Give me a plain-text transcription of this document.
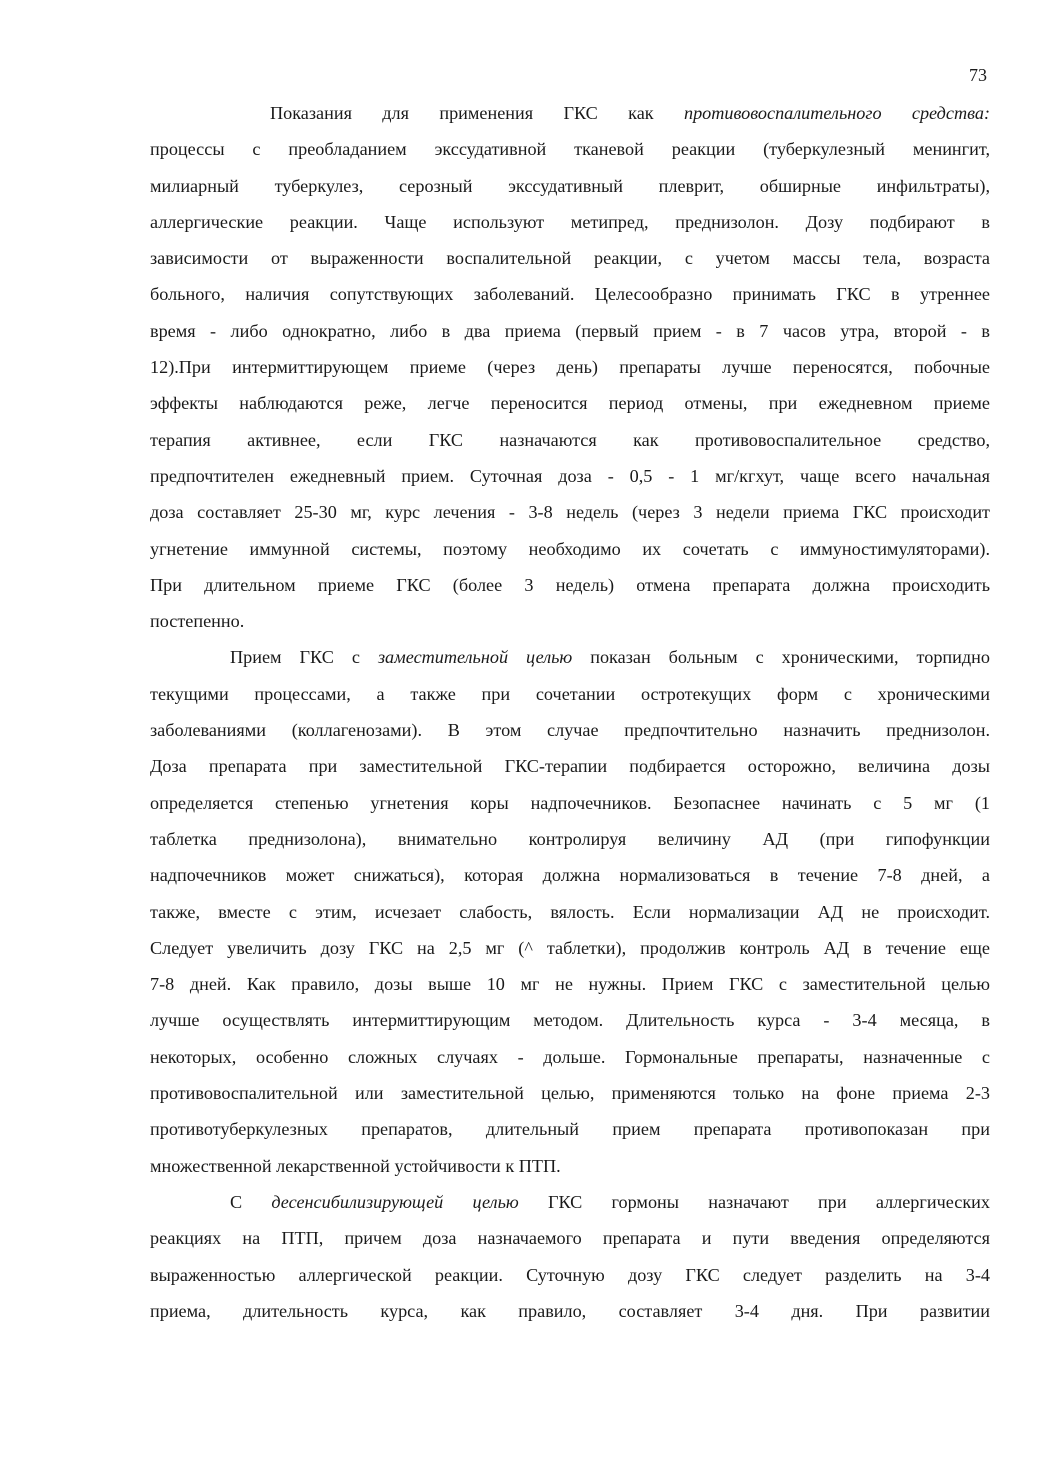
73
Показания для применения ГКС как противовоспалительного средства:
процессы с преобладанием экссудативной тканевой реакции (туберкулезный менингит,
милиарный туберкулез, серозный экссудативный плеврит, обширные инфильтраты),
аллергические реакции. Чаще используют метипред, преднизолон. Дозу подбирают в
зависимости от выраженности воспалительной реакции, с учетом массы тела, возраста
больного, наличия сопутствующих заболеваний. Целесообразно принимать ГКС в утреннее
время - либо однократно, либо в два приема (первый прием - в 7 часов утра, второй - в
12).При интермиттирующем приеме (через день) препараты лучше переносятся, побочные
эффекты наблюдаются реже, легче переносится период отмены, при ежедневном приеме
терапия активнее, если ГКС назначаются как противовоспалительное средство,
предпочтителен ежедневный прием. Суточная доза - 0,5 - 1 мг/кгхут, чаще всего начальная
доза составляет 25-30 мг, курс лечения - 3-8 недель (через 3 недели приема ГКС происходит
угнетение иммунной системы, поэтому необходимо их сочетать с иммуностимуляторами).
При длительном приеме ГКС (более 3 недель) отмена препарата должна происходить
постепенно.
Прием ГКС с заместительной целью показан больным с хроническими, торпидно
текущими процессами, а также при сочетании остротекущих форм с хроническими
заболеваниями (коллагенозами). В этом случае предпочтительно назначить преднизолон.
Доза препарата при заместительной ГКС-терапии подбирается осторожно, величина дозы
определяется степенью угнетения коры надпочечников. Безопаснее начинать с 5 мг (1
таблетка преднизолона), внимательно контролируя величину АД (при гипофункции
надпочечников может снижаться), которая должна нормализоваться в течение 7-8 дней, а
также, вместе с этим, исчезает слабость, вялость. Если нормализации АД не происходит.
Следует увеличить дозу ГКС на 2,5 мг (^ таблетки), продолжив контроль АД в течение еще
7-8 дней. Как правило, дозы выше 10 мг не нужны. Прием ГКС с заместительной целью
лучше осуществлять интермиттирующим методом. Длительность курса - 3-4 месяца, в
некоторых, особенно сложных случаях - дольше. Гормональные препараты, назначенные с
противовоспалительной или заместительной целью, применяются только на фоне приема 2-3
противотуберкулезных препаратов, длительный прием препарата противопоказан при
множественной лекарственной устойчивости к ПТП.
С десенсибилизирующей целью ГКС гормоны назначают при аллергических
реакциях на ПТП, причем доза назначаемого препарата и пути введения определяются
выраженностью аллергической реакции. Суточную дозу ГКС следует разделить на 3-4
приема, длительность курса, как правило, составляет 3-4 дня. При развитии
